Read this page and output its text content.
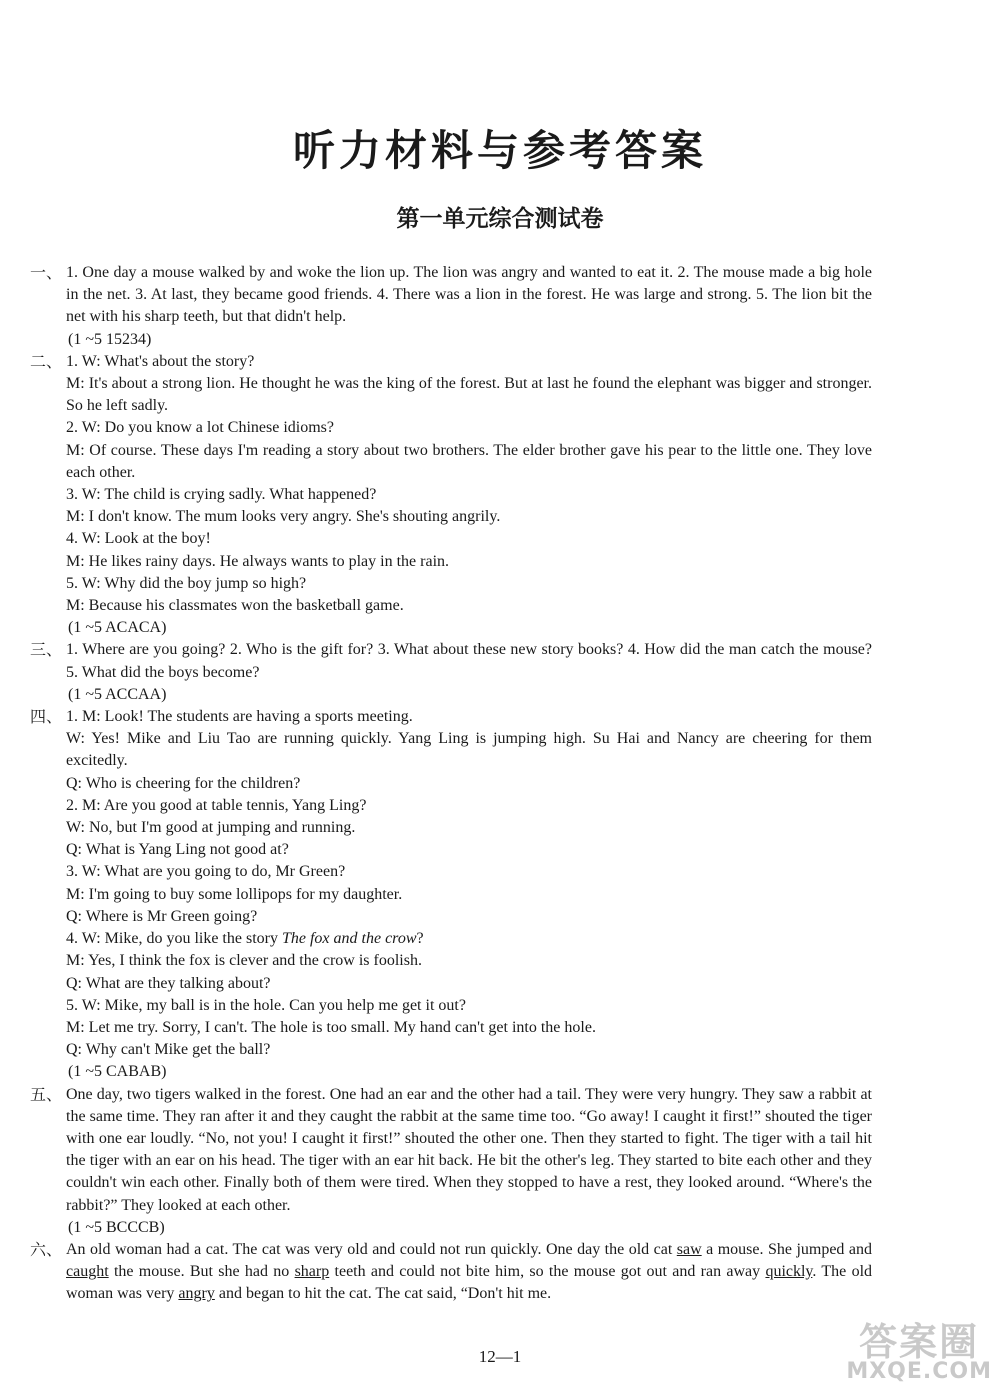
听力材料与参考答案
第一单元综合测试卷
一、 1. One day a mouse walked by and woke the lion up. The lion was angry and wanted to eat it. 2. The mouse made a big hole in the net. 3. At last, they became good friends. 4. There was a lion in the forest. He was large and strong. 5. The lion bit the net with his sharp teeth, but that didn't help.
(1 ~5 15234)
二、 1. W: What's about the story?
M: It's about a strong lion. He thought he was the king of the forest. But at last he found the elephant was bigger and stronger. So he left sadly.
2. W: Do you know a lot Chinese idioms?
M: Of course. These days I'm reading a story about two brothers. The elder brother gave his pear to the little one. They love each other.
3. W: The child is crying sadly. What happened?
M: I don't know. The mum looks very angry. She's shouting angrily.
4. W: Look at the boy!
M: He likes rainy days. He always wants to play in the rain.
5. W: Why did the boy jump so high?
M: Because his classmates won the basketball game.
(1 ~5 ACACA)
三、 1. Where are you going? 2. Who is the gift for? 3. What about these new story books? 4. How did the man catch the mouse? 5. What did the boys become?
(1 ~5 ACCAA)
四、 1. M: Look! The students are having a sports meeting.
W: Yes! Mike and Liu Tao are running quickly. Yang Ling is jumping high. Su Hai and Nancy are cheering for them excitedly.
Q: Who is cheering for the children?
2. M: Are you good at table tennis, Yang Ling?
W: No, but I'm good at jumping and running.
Q: What is Yang Ling not good at?
3. W: What are you going to do, Mr Green?
M: I'm going to buy some lollipops for my daughter.
Q: Where is Mr Green going?
4. W: Mike, do you like the story The fox and the crow?
M: Yes, I think the fox is clever and the crow is foolish.
Q: What are they talking about?
5. W: Mike, my ball is in the hole. Can you help me get it out?
M: Let me try. Sorry, I can't. The hole is too small. My hand can't get into the hole.
Q: Why can't Mike get the ball?
(1 ~5 CABAB)
五、 One day, two tigers walked in the forest. One had an ear and the other had a tail. They were very hungry. They saw a rabbit at the same time. They ran after it and they caught the rabbit at the same time too. “Go away! I caught it first!” shouted the tiger with one ear loudly. “No, not you! I caught it first!” shouted the other one. Then they started to fight. The tiger with a tail hit the tiger with an ear on his head. The tiger with an ear hit back. He bit the other's leg. They started to bite each other and they couldn't win each other. Finally both of them were tired. When they stopped to have a rest, they looked around. “Where's the rabbit?” They looked at each other.
(1 ~5 BCCCB)
六、 An old woman had a cat. The cat was very old and could not run quickly. One day the old cat saw a mouse. She jumped and caught the mouse. But she had no sharp teeth and could not bite him, so the mouse got out and ran away quickly. The old woman was very angry and began to hit the cat. The cat said, “Don't hit me.
12—1	答案圈
MXQE.COM
